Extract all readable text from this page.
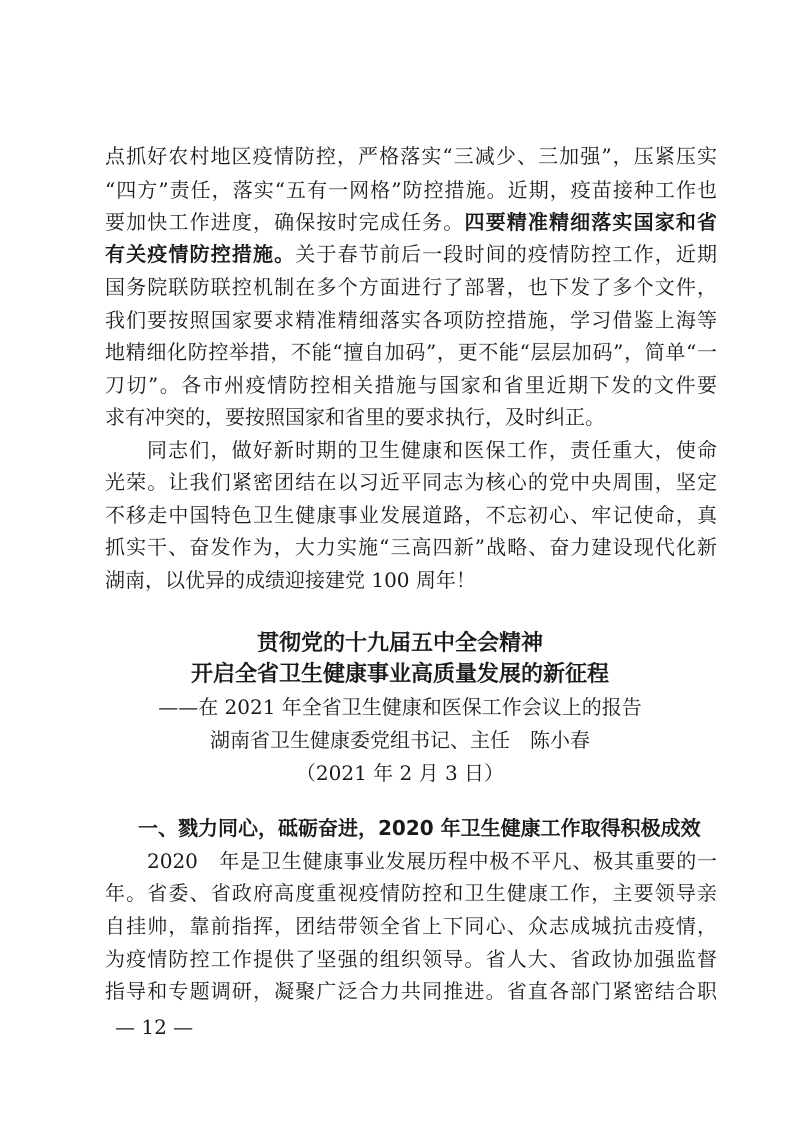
点抓好农村地区疫情防控，严格落实“三减少、三加强”，压紧压实
“四方”责任，落实“五有一网格”防控措施。近期，疫苗接种工作也
要加快工作进度，确保按时完成任务。四要精准精细落实国家和省
有关疫情防控措施。关于春节前后一段时间的疫情防控工作，近期
国务院联防联控机制在多个方面进行了部署，也下发了多个文件，
我们要按照国家要求精准精细落实各项防控措施，学习借鉴上海等
地精细化防控举措，不能“擅自加码”，更不能“层层加码”，简单“一
刀切”。各市州疫情防控相关措施与国家和省里近期下发的文件要
求有冲突的，要按照国家和省里的要求执行，及时纠正。
同志们，做好新时期的卫生健康和医保工作，责任重大，使命
光荣。让我们紧密团结在以习近平同志为核心的党中央周围，坚定
不移走中国特色卫生健康事业发展道路，不忘初心、牢记使命，真
抓实干、奋发作为，大力实施“三高四新”战略、奋力建设现代化新
湖南，以优异的成绩迎接建党 100 周年！
贯彻党的十九届五中全会精神
开启全省卫生健康事业高质量发展的新征程
——在 2021 年全省卫生健康和医保工作会议上的报告
湖南省卫生健康委党组书记、主任　陈小春
（2021 年 2 月 3 日）
一、戮力同心，砥砺奋进，2020 年卫生健康工作取得积极成效
2020　年是卫生健康事业发展历程中极不平凡、极其重要的一
年。省委、省政府高度重视疫情防控和卫生健康工作，主要领导亲
自挂帅，靠前指挥，团结带领全省上下同心、众志成城抗击疫情，
为疫情防控工作提供了坚强的组织领导。省人大、省政协加强监督
指导和专题调研，凝聚广泛合力共同推进。省直各部门紧密结合职
— 12 —
